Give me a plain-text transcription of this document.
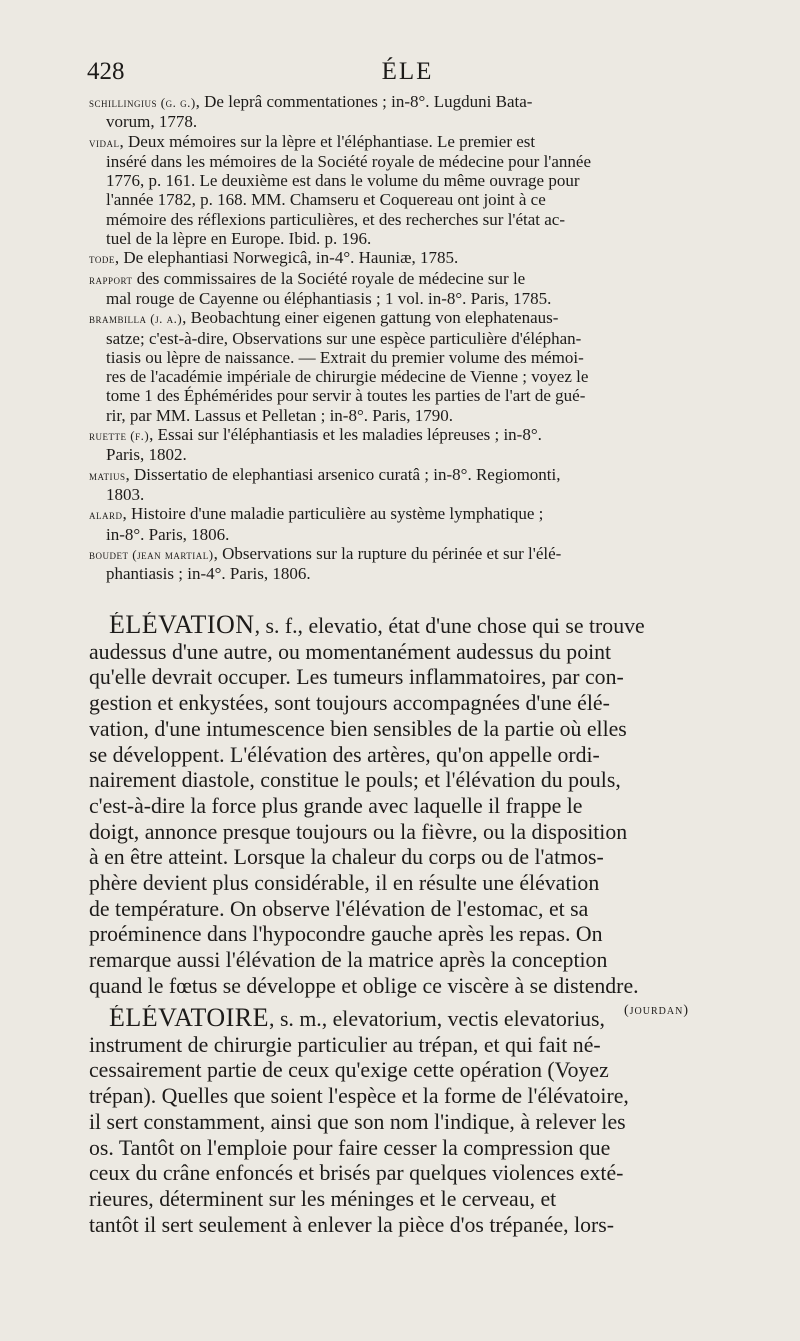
428	ÉLE
schillingius (g. g.), De leprâ commentationes ; in-8°. Lugduni Bata-
vorum, 1778.
vidal, Deux mémoires sur la lèpre et l'éléphantiase. Le premier est
inséré dans les mémoires de la Société royale de médecine pour l'année
1776, p. 161. Le deuxième est dans le volume du même ouvrage pour
l'année 1782, p. 168. MM. Chamseru et Coquereau ont joint à ce
mémoire des réflexions particulières, et des recherches sur l'état ac-
tuel de la lèpre en Europe. Ibid. p. 196.
tode, De elephantiasi Norwegicâ, in-4°. Hauniæ, 1785.
rapport des commissaires de la Société royale de médecine sur le
mal rouge de Cayenne ou éléphantiasis ; 1 vol. in-8°. Paris, 1785.
brambilla (j. a.), Beobachtung einer eigenen gattung von elephatenaus-
satze; c'est-à-dire, Observations sur une espèce particulière d'éléphan-
tiasis ou lèpre de naissance. — Extrait du premier volume des mémoi-
res de l'académie impériale de chirurgie médecine de Vienne ; voyez le
tome 1 des Éphémérides pour servir à toutes les parties de l'art de gué-
rir, par MM. Lassus et Pelletan ; in-8°. Paris, 1790.
ruette (f.), Essai sur l'éléphantiasis et les maladies lépreuses ; in-8°.
Paris, 1802.
matius, Dissertatio de elephantiasi arsenico curatâ ; in-8°. Regiomonti,
1803.
alard, Histoire d'une maladie particulière au système lymphatique ;
in-8°. Paris, 1806.
boudet (jean martial), Observations sur la rupture du périnée et sur l'élé-
phantiasis ; in-4°. Paris, 1806.
ÉLÉVATION, s. f., elevatio, état d'une chose qui se trouve
audessus d'une autre, ou momentanément audessus du point
qu'elle devrait occuper. Les tumeurs inflammatoires, par con-
gestion et enkystées, sont toujours accompagnées d'une élé-
vation, d'une intumescence bien sensibles de la partie où elles
se développent. L'élévation des artères, qu'on appelle ordi-
nairement diastole, constitue le pouls; et l'élévation du pouls,
c'est-à-dire la force plus grande avec laquelle il frappe le
doigt, annonce presque toujours ou la fièvre, ou la disposition
à en être atteint. Lorsque la chaleur du corps ou de l'atmos-
phère devient plus considérable, il en résulte une élévation
de température. On observe l'élévation de l'estomac, et sa
proéminence dans l'hypocondre gauche après les repas. On
remarque aussi l'élévation de la matrice après la conception
quand le fœtus se développe et oblige ce viscère à se distendre.
(jourdan)
ÉLÉVATOIRE, s. m., elevatorium, vectis elevatorius,
instrument de chirurgie particulier au trépan, et qui fait né-
cessairement partie de ceux qu'exige cette opération (Voyez
trépan). Quelles que soient l'espèce et la forme de l'élévatoire,
il sert constamment, ainsi que son nom l'indique, à relever les
os. Tantôt on l'emploie pour faire cesser la compression que
ceux du crâne enfoncés et brisés par quelques violences exté-
rieures, déterminent sur les méninges et le cerveau, et
tantôt il sert seulement à enlever la pièce d'os trépanée, lors-
